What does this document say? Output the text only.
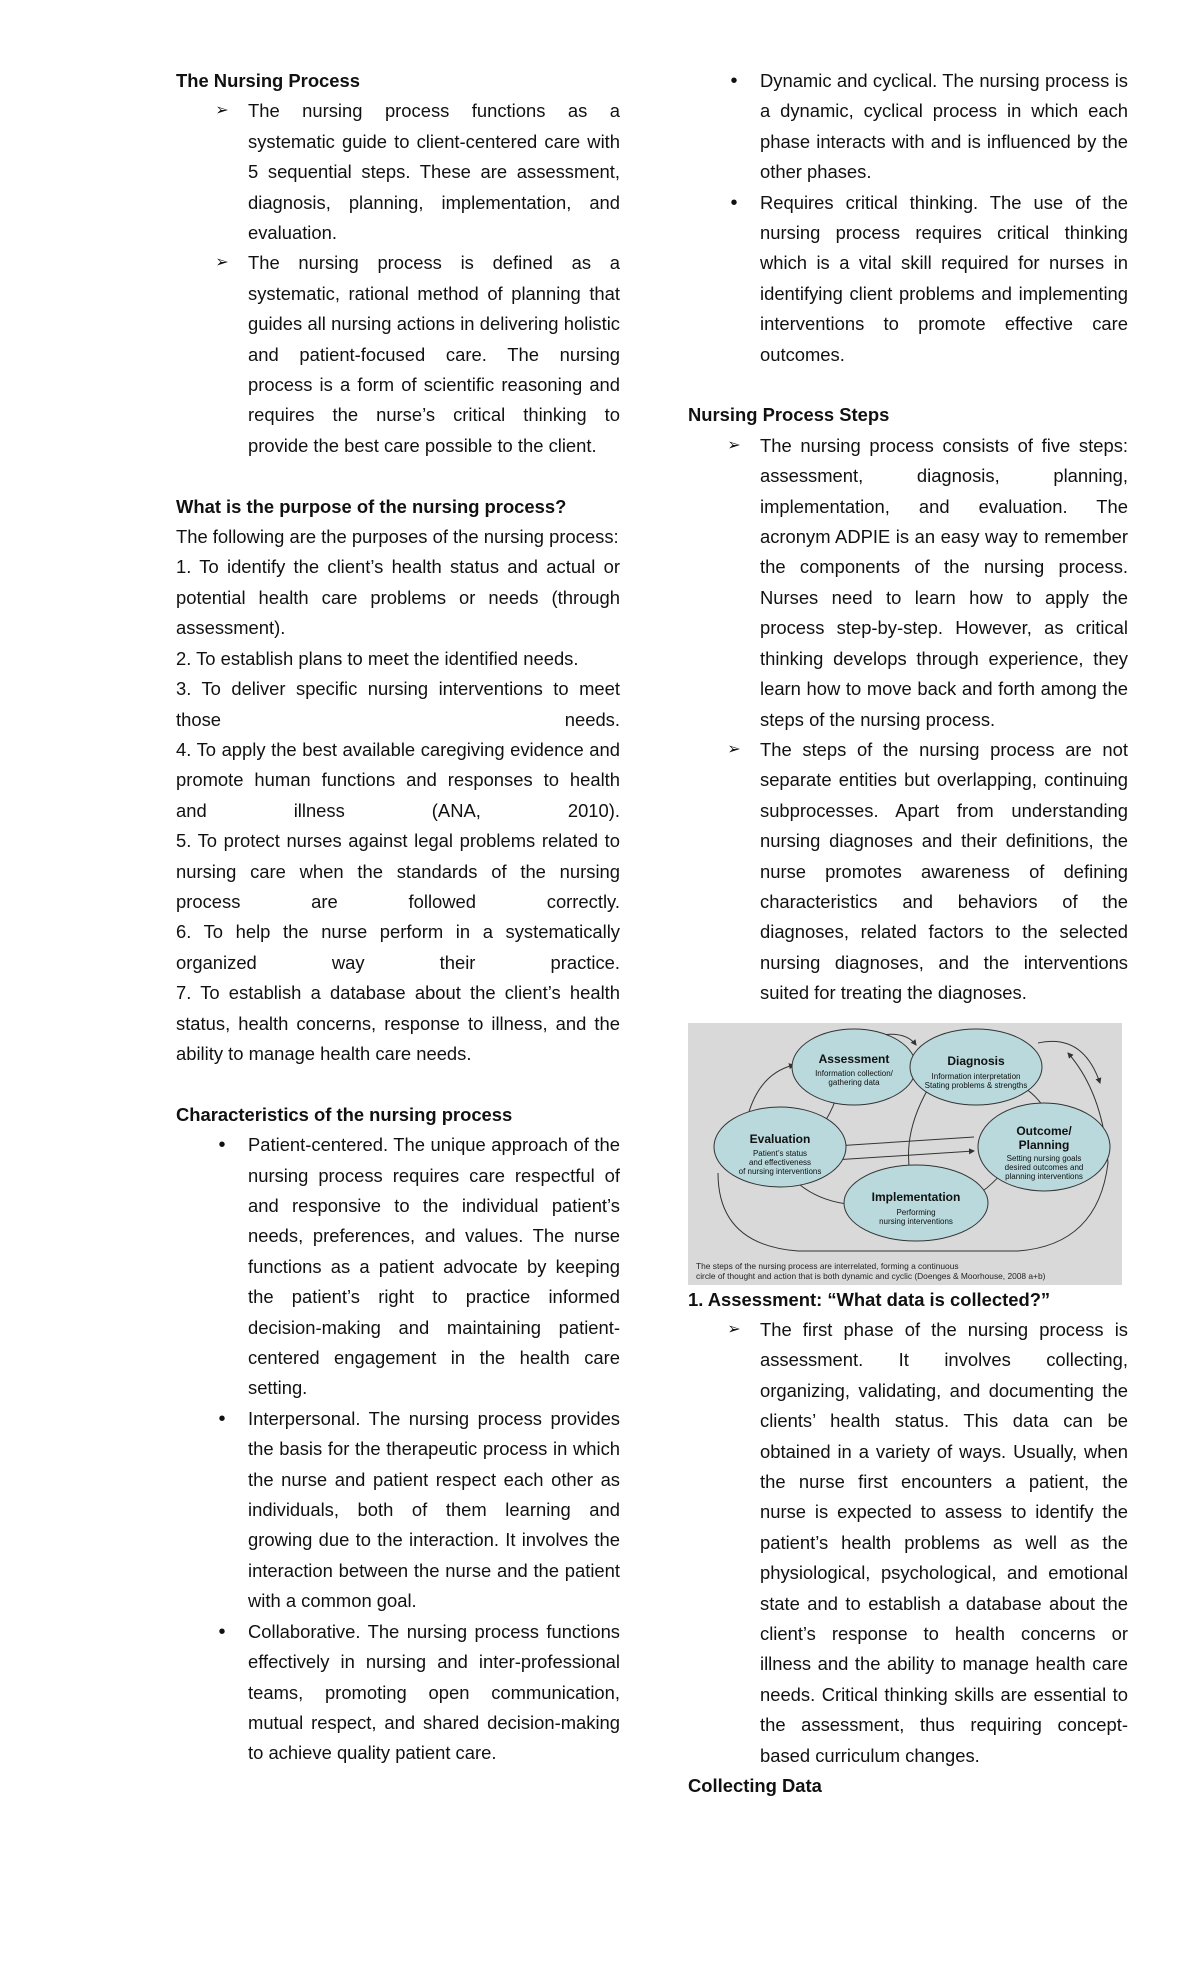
The Nursing Process

➢ The nursing process functions as a systematic guide to client-centered care with 5 sequential steps. These are assessment, diagnosis, planning, implementation, and evaluation.
➢ The nursing process is defined as a systematic, rational method of planning that guides all nursing actions in delivering holistic and patient-focused care. The nursing process is a form of scientific reasoning and requires the nurse’s critical thinking to provide the best care possible to the client.

What is the purpose of the nursing process?

The following are the purposes of the nursing process:

1. To identify the client’s health status and actual or potential health care problems or needs (through assessment).

2. To establish plans to meet the identified needs.

3. To deliver specific nursing interventions to meet those needs.

4. To apply the best available caregiving evidence and promote human functions and responses to health and illness (ANA, 2010).

5. To protect nurses against legal problems related to nursing care when the standards of the nursing process are followed correctly.

6. To help the nurse perform in a systematically organized way their practice.

7. To establish a database about the client’s health status, health concerns, response to illness, and the ability to manage health care needs.

Characteristics of the nursing process

•	Patient-centered. The unique approach of the nursing process requires care respectful of and responsive to the individual patient’s needs, preferences, and values. The nurse functions as a patient advocate by keeping the patient’s right to practice informed decision-making and maintaining patient-centered engagement in the health care setting.
•	Interpersonal. The nursing process provides the basis for the therapeutic process in which the nurse and patient respect each other as individuals, both of them learning and growing due to the interaction. It involves the interaction between the nurse and the patient with a common goal.
•	Collaborative. The nursing process functions effectively in nursing and inter-professional teams, promoting open communication, mutual respect, and shared decision-making to achieve quality patient care.
•	Dynamic and cyclical. The nursing process is a dynamic, cyclical process in which each phase interacts with and is influenced by the other phases.
•	Requires critical thinking. The use of the nursing process requires critical thinking which is a vital skill required for nurses in identifying client problems and implementing interventions to promote effective care outcomes.

Nursing Process Steps

➢ The nursing process consists of five steps: assessment, diagnosis, planning, implementation, and evaluation. The acronym ADPIE is an easy way to remember the components of the nursing process. Nurses need to learn how to apply the process step-by-step. However, as critical thinking develops through experience, they learn how to move back and forth among the steps of the nursing process.
➢ The steps of the nursing process are not separate entities but overlapping, continuing subprocesses. Apart from understanding nursing diagnoses and their definitions, the nurse promotes awareness of defining characteristics and behaviors of the diagnoses, related factors to the selected nursing diagnoses, and the interventions suited for treating the diagnoses.
Assessment
Information collection/
gathering data
Diagnosis
Information interpretation
Stating problems & strengths
Evaluation
Patient’s status
and effectiveness
of nursing interventions
Outcome/
Planning
Setting nursing goals
desired outcomes and
planning interventions
Implementation
Performing
nursing interventions
The steps of the nursing process are interrelated, forming a continuous
circle of thought and action that is both dynamic and cyclic (Doenges & Moorhouse, 2008 a+b)

1. Assessment: “What data is collected?”

➢ The first phase of the nursing process is assessment. It involves collecting, organizing, validating, and documenting the clients’ health status. This data can be obtained in a variety of ways. Usually, when the nurse first encounters a patient, the nurse is expected to assess to identify the patient’s health problems as well as the physiological, psychological, and emotional state and to establish a database about the client’s response to health concerns or illness and the ability to manage health care needs. Critical thinking skills are essential to the assessment, thus requiring concept-based curriculum changes.

Collecting Data
